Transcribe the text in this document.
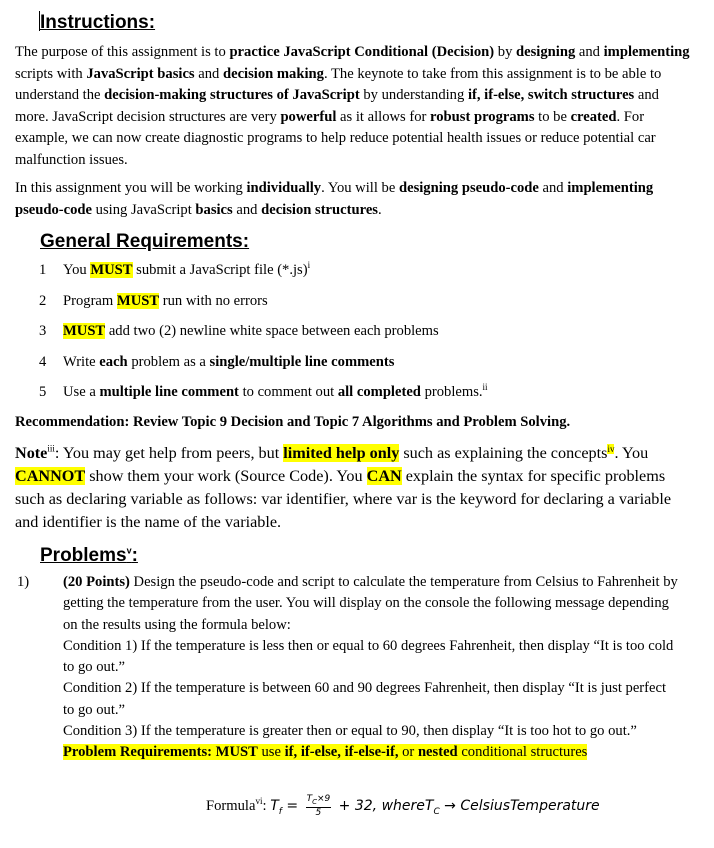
Instructions:
The purpose of this assignment is to practice JavaScript Conditional (Decision) by designing and implementing scripts with JavaScript basics and decision making. The keynote to take from this assignment is to be able to understand the decision-making structures of JavaScript by understanding if, if-else, switch structures and more. JavaScript decision structures are very powerful as it allows for robust programs to be created. For example, we can now create diagnostic programs to help reduce potential health issues or reduce potential car malfunction issues.
In this assignment you will be working individually. You will be designing pseudo-code and implementing pseudo-code using JavaScript basics and decision structures.
General Requirements:
1 You MUST submit a JavaScript file $(*.js)^i$
2 Program MUST run with no errors
3 MUST add two (2) newline white space between each problems
4 Write each problem as a single/multiple line comments
5 Use a multiple line comment to comment out all completed problems.$^{ii}$
Recommendation: Review Topic 9 Decision and Topic 7 Algorithms and Problem Solving.
Note$^{iii}$: You may get help from peers, but limited help only such as explaining the concepts$^{iv}$. You CANNOT show them your work (Source Code). You CAN explain the syntax for specific problems such as declaring variable as follows: var identifier, where var is the keyword for declaring a variable and identifier is the name of the variable.
Problems$^v$:
1) (20 Points) Design the pseudo-code and script to calculate the temperature from Celsius to Fahrenheit by getting the temperature from the user. You will display on the console the following message depending on the results using the formula below:
Condition 1) If the temperature is less then or equal to 60 degrees Fahrenheit, then display “It is too cold to go out.”
Condition 2) If the temperature is between 60 and 90 degrees Fahrenheit, then display “It is just perfect to go out.”
Condition 3) If the temperature is greater then or equal to 90, then display “It is too hot to go out.”
Problem Requirements: MUST use if, if-else, if-else-if, or nested conditional structures
Formula$^{vi}$: $T_f = \frac{T_C\times 9}{5} + 32$, whereT$_C$ → CelsiusTemperature
